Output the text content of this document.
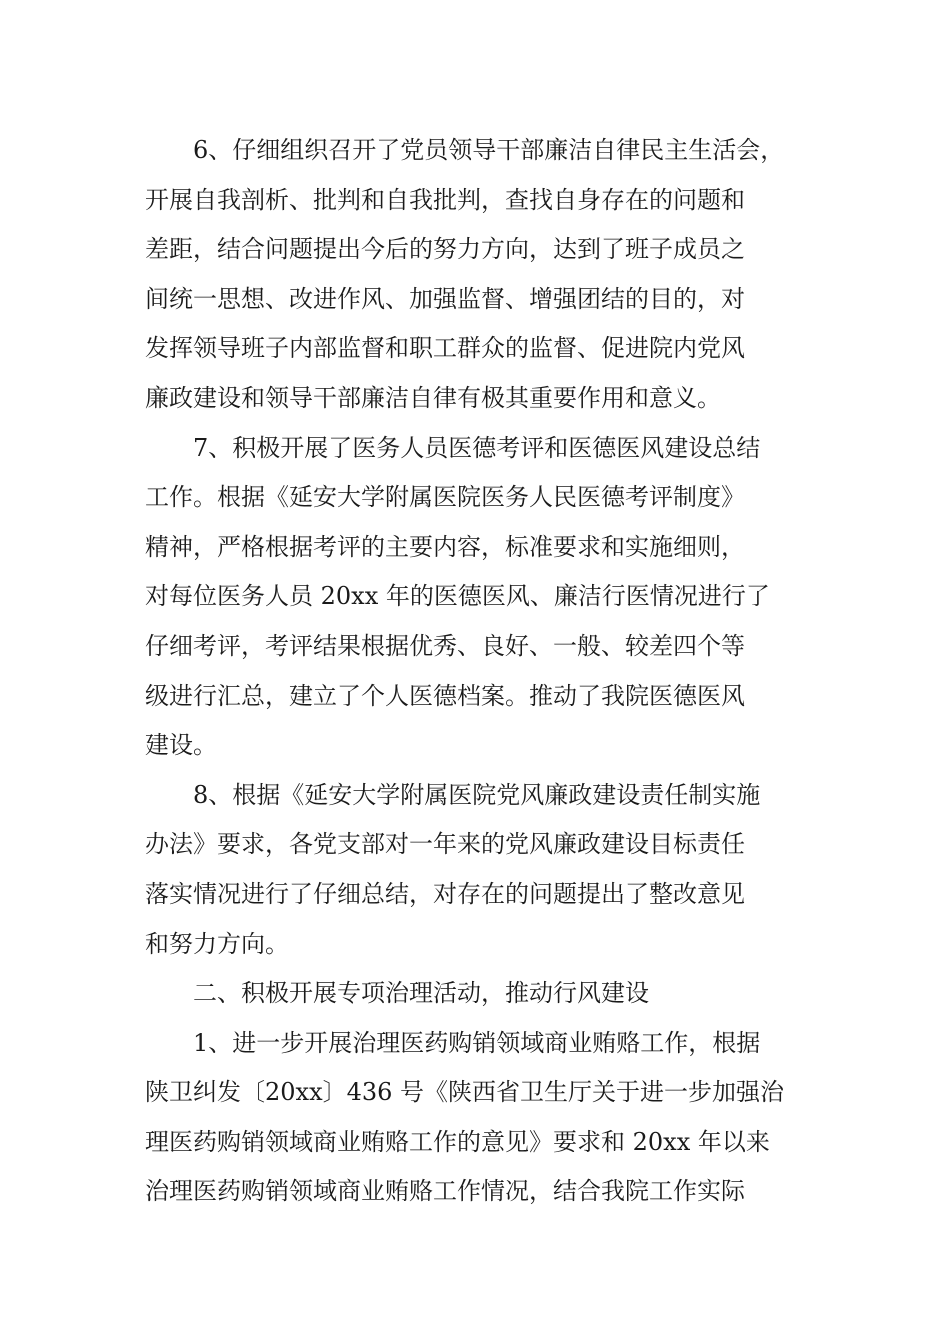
6、仔细组织召开了党员领导干部廉洁自律民主生活会，
开展自我剖析、批判和自我批判，查找自身存在的问题和
差距，结合问题提出今后的努力方向，达到了班子成员之
间统一思想、改进作风、加强监督、增强团结的目的，对
发挥领导班子内部监督和职工群众的监督、促进院内党风
廉政建设和领导干部廉洁自律有极其重要作用和意义。
7、积极开展了医务人员医德考评和医德医风建设总结
工作。根据《延安大学附属医院医务人民医德考评制度》
精神，严格根据考评的主要内容，标准要求和实施细则，
对每位医务人员 20xx 年的医德医风、廉洁行医情况进行了
仔细考评，考评结果根据优秀、良好、一般、较差四个等
级进行汇总，建立了个人医德档案。推动了我院医德医风
建设。
8、根据《延安大学附属医院党风廉政建设责任制实施
办法》要求，各党支部对一年来的党风廉政建设目标责任
落实情况进行了仔细总结，对存在的问题提出了整改意见
和努力方向。
二、积极开展专项治理活动，推动行风建设
1、进一步开展治理医药购销领域商业贿赂工作，根据
陕卫纠发〔20xx〕436 号《陕西省卫生厅关于进一步加强治
理医药购销领域商业贿赂工作的意见》要求和 20xx 年以来
治理医药购销领域商业贿赂工作情况，结合我院工作实际
